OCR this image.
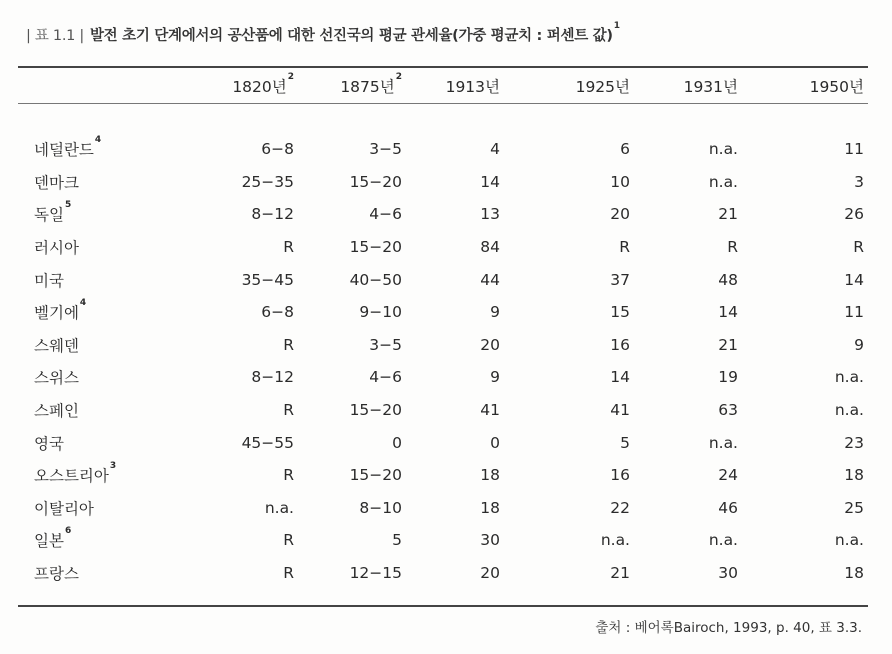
| 표 1.1 | 발전 초기 단계에서의 공산품에 대한 선진국의 평균 관세율(가중 평균치 : 퍼센트 값)$^1$
	1820년$^2$	1875년$^2$	1913년	1925년	1931년	1950년

네덜란드$^4$	6−8	3−5	4	6	n.a.	11
덴마크	25−35	15−20	14	10	n.a.	3
독일$^5$	8−12	4−6	13	20	21	26
러시아	R	15−20	84	R	R	R
미국	35−45	40−50	44	37	48	14
벨기에$^4$	6−8	9−10	9	15	14	11
스웨덴	R	3−5	20	16	21	9
스위스	8−12	4−6	9	14	19	n.a.
스페인	R	15−20	41	41	63	n.a.
영국	45−55	0	0	5	n.a.	23
오스트리아$^3$	R	15−20	18	16	24	18
이탈리아	n.a.	8−10	18	22	46	25
일본$^6$	R	5	30	n.a.	n.a.	n.a.
프랑스	R	12−15	20	21	30	18
출처 : 베어록Bairoch, 1993, p. 40, 표 3.3.
